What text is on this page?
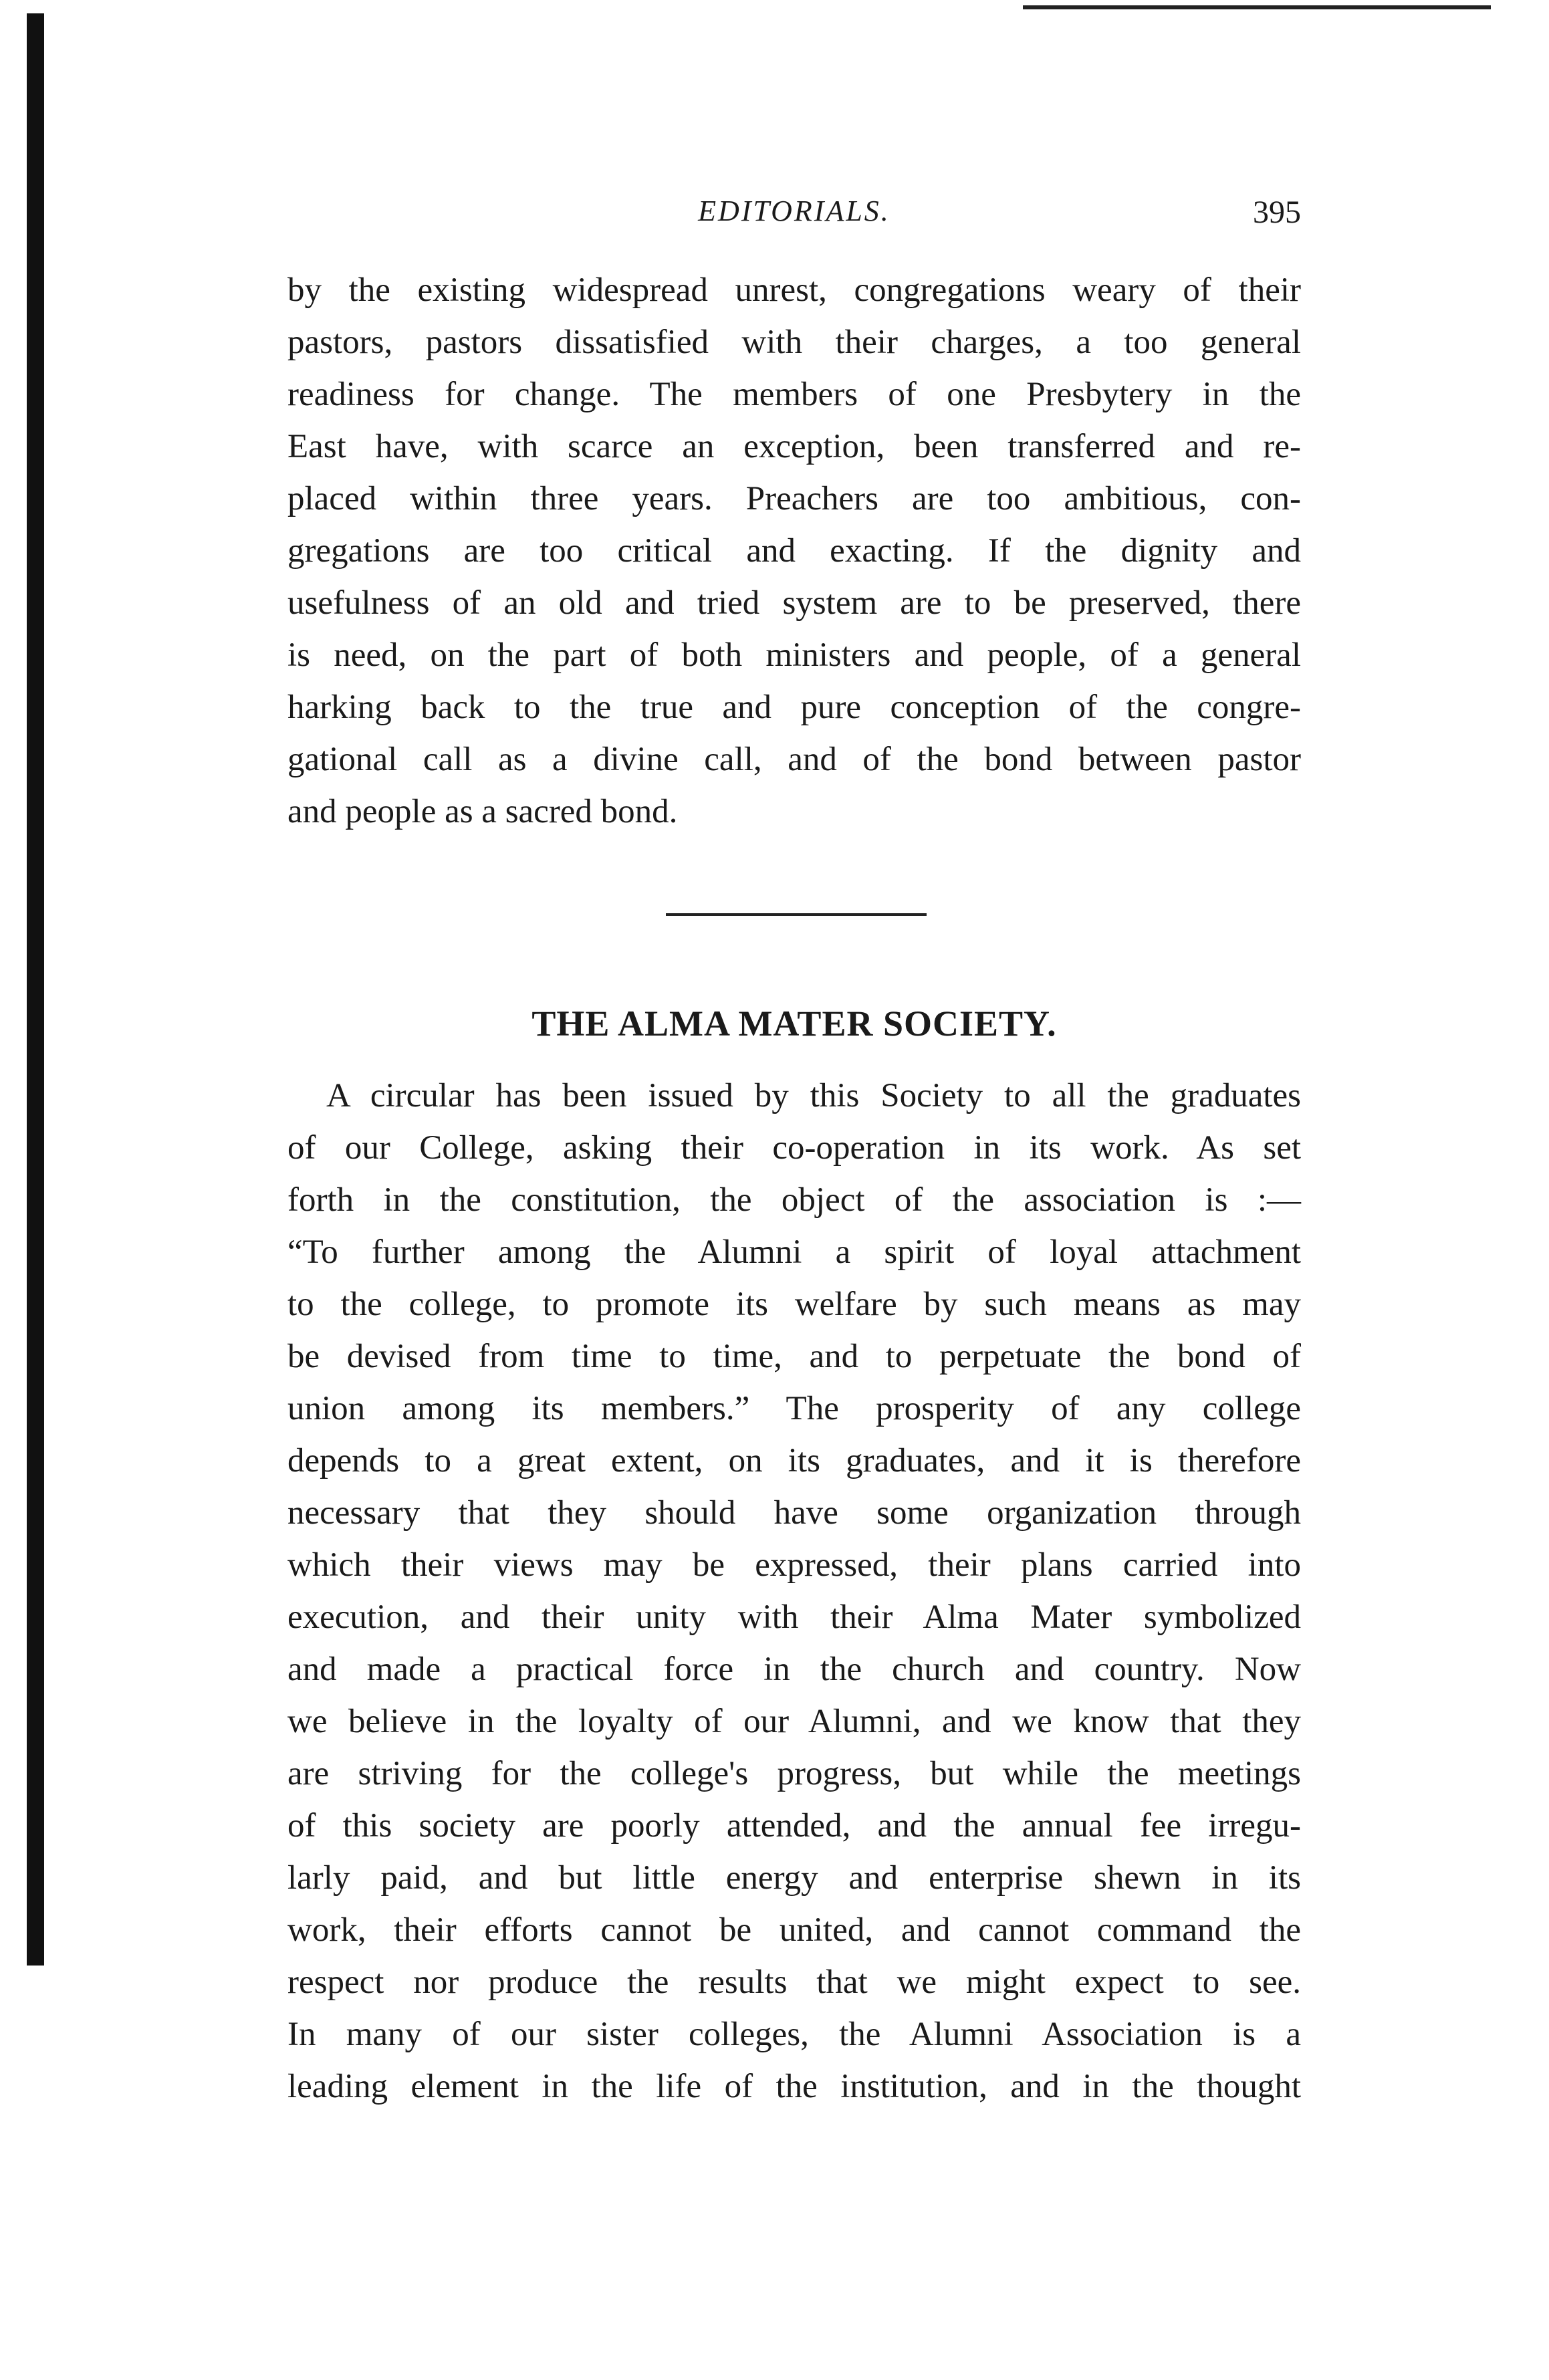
EDITORIALS.	395
by the existing widespread unrest, congregations weary of their
pastors, pastors dissatisfied with their charges, a too general
readiness for change. The members of one Presbytery in the
East have, with scarce an exception, been transferred and re-
placed within three years. Preachers are too ambitious, con-
gregations are too critical and exacting. If the dignity and
usefulness of an old and tried system are to be preserved, there
is need, on the part of both ministers and people, of a general
harking back to the true and pure conception of the congre-
gational call as a divine call, and of the bond between pastor
and people as a sacred bond.
THE ALMA MATER SOCIETY.
A circular has been issued by this Society to all the graduates
of our College, asking their co-operation in its work. As set
forth in the constitution, the object of the association is :—
“To further among the Alumni a spirit of loyal attachment
to the college, to promote its welfare by such means as may
be devised from time to time, and to perpetuate the bond of
union among its members.” The prosperity of any college
depends to a great extent, on its graduates, and it is therefore
necessary that they should have some organization through
which their views may be expressed, their plans carried into
execution, and their unity with their Alma Mater symbolized
and made a practical force in the church and country. Now
we believe in the loyalty of our Alumni, and we know that they
are striving for the college's progress, but while the meetings
of this society are poorly attended, and the annual fee irregu-
larly paid, and but little energy and enterprise shewn in its
work, their efforts cannot be united, and cannot command the
respect nor produce the results that we might expect to see.
In many of our sister colleges, the Alumni Association is a
leading element in the life of the institution, and in the thought
